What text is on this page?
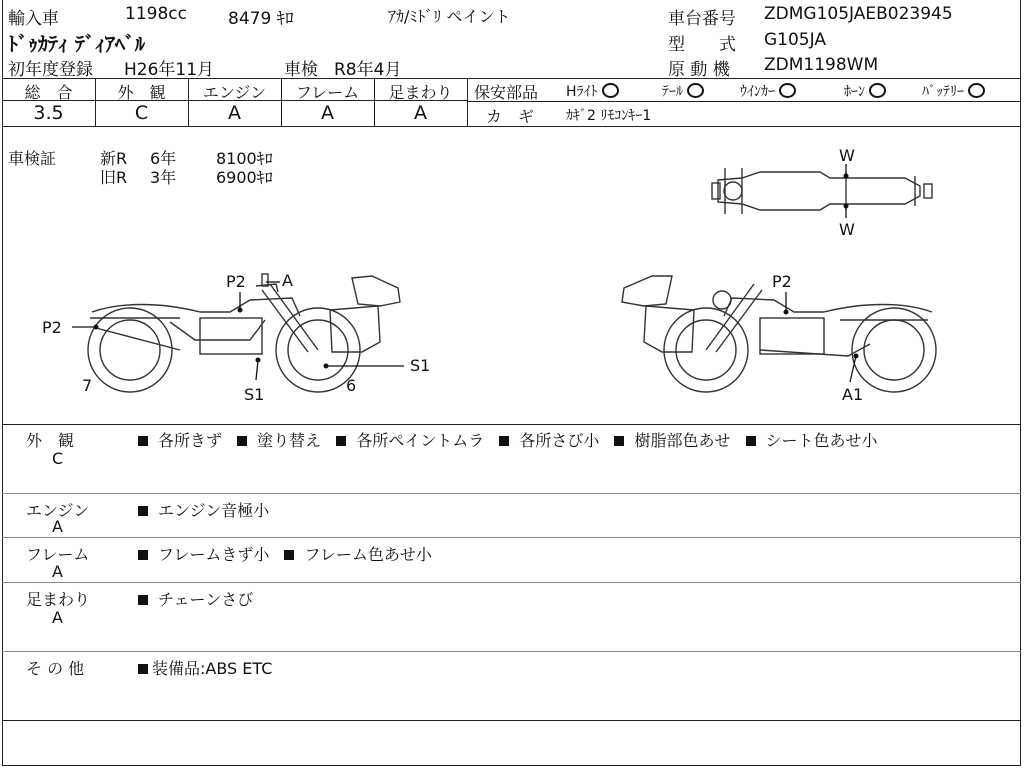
輸入車	1198cc 8479 ｷﾛ	ｱｶ/ﾐﾄﾞﾘ ペイント
ﾄﾞｩｶﾃｨ ﾃﾞｨｱﾍﾞﾙ
初年度登録 H26年11月	車検 R8年4月
車台番号 ZDMG105JAEB023945
型　　式 G105JA
原 動 機 ZDM1198WM
総　合	外　観	エンジン	フレーム	足まわり
3.5	C	A	A	A
保安部品 Hﾗｲﾄ	ﾃｰﾙ	ｳｲﾝｶｰ	ﾎｰﾝ	ﾊﾞｯﾃﾘｰ
カ　ギ ｶｷﾞ2 ﾘﾓｺﾝｷｰ1
車検証	新R 6年 8100ｷﾛ
旧R 3年 6900ｷﾛ
W
W
P2 A
P2
7	S1	6
S1
P2
A1
外　観
C
各所きず 塗り替え 各所ペイントムラ 各所さび小 樹脂部色あせ シート色あせ小
エンジン
A
エンジン音極小
フレーム
A
フレームきず小 フレーム色あせ小
足まわり
A
チェーンさび
そ の 他	装備品:ABS ETC
